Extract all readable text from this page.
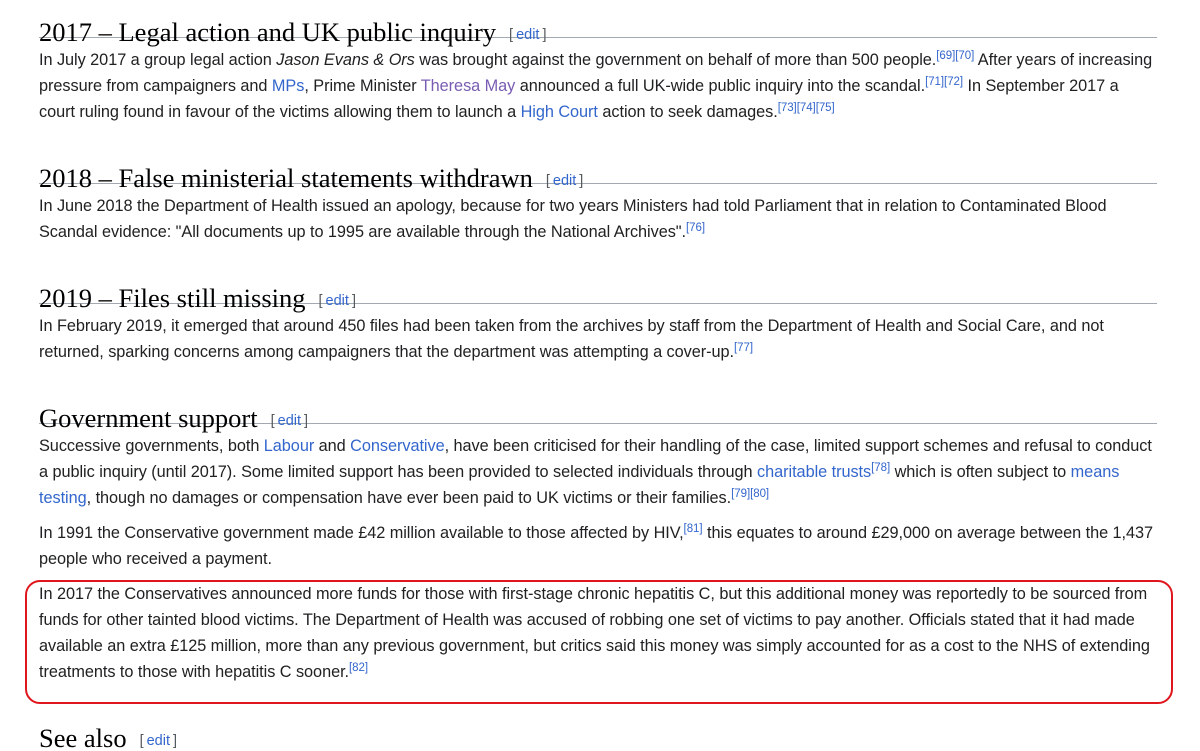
2017 – Legal action and UK public inquiry [ edit ]

In July 2017 a group legal action Jason Evans & Ors was brought against the government on behalf of more than 500 people.[69][70] After years of increasing pressure from campaigners and MPs, Prime Minister Theresa May announced a full UK-wide public inquiry into the scandal.[71][72] In September 2017 a court ruling found in favour of the victims allowing them to launch a High Court action to seek damages.[73][74][75]

2018 – False ministerial statements withdrawn [ edit ]

In June 2018 the Department of Health issued an apology, because for two years Ministers had told Parliament that in relation to Contaminated Blood Scandal evidence: "All documents up to 1995 are available through the National Archives".[76]

2019 – Files still missing [ edit ]

In February 2019, it emerged that around 450 files had been taken from the archives by staff from the Department of Health and Social Care, and not returned, sparking concerns among campaigners that the department was attempting a cover-up.[77]

Government support [ edit ]

Successive governments, both Labour and Conservative, have been criticised for their handling of the case, limited support schemes and refusal to conduct a public inquiry (until 2017). Some limited support has been provided to selected individuals through charitable trusts[78] which is often subject to means testing, though no damages or compensation have ever been paid to UK victims or their families.[79][80]

In 1991 the Conservative government made £42 million available to those affected by HIV,[81] this equates to around £29,000 on average between the 1,437 people who received a payment.

In 2017 the Conservatives announced more funds for those with first-stage chronic hepatitis C, but this additional money was reportedly to be sourced from funds for other tainted blood victims. The Department of Health was accused of robbing one set of victims to pay another. Officials stated that it had made available an extra £125 million, more than any previous government, but critics said this money was simply accounted for as a cost to the NHS of extending treatments to those with hepatitis C sooner.[82]

See also [ edit ]
